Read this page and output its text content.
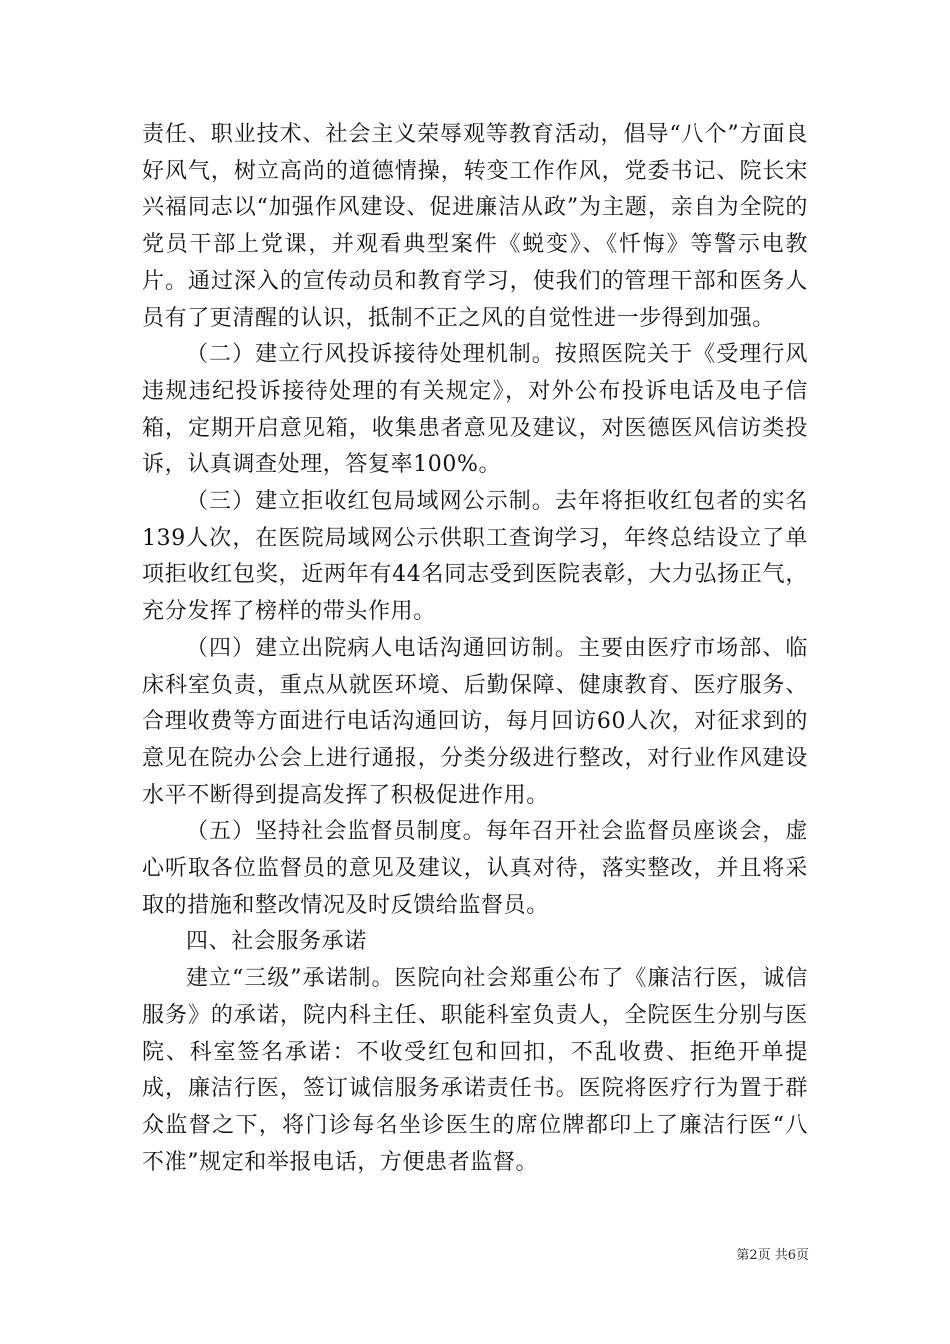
责任、职业技术、社会主义荣辱观等教育活动，倡导“八个”方面良好风气，树立高尚的道德情操，转变工作作风，党委书记、院长宋兴福同志以“加强作风建设、促进廉洁从政”为主题，亲自为全院的党员干部上党课，并观看典型案件《蜕变》、《忏悔》等警示电教片。通过深入的宣传动员和教育学习，使我们的管理干部和医务人员有了更清醒的认识，抵制不正之风的自觉性进一步得到加强。

（二）建立行风投诉接待处理机制。按照医院关于《受理行风违规违纪投诉接待处理的有关规定》，对外公布投诉电话及电子信箱，定期开启意见箱，收集患者意见及建议，对医德医风信访类投诉，认真调查处理，答复率100%。

（三）建立拒收红包局域网公示制。去年将拒收红包者的实名139人次，在医院局域网公示供职工查询学习，年终总结设立了单项拒收红包奖，近两年有44名同志受到医院表彰，大力弘扬正气，充分发挥了榜样的带头作用。

（四）建立出院病人电话沟通回访制。主要由医疗市场部、临床科室负责，重点从就医环境、后勤保障、健康教育、医疗服务、合理收费等方面进行电话沟通回访，每月回访60人次，对征求到的意见在院办公会上进行通报，分类分级进行整改，对行业作风建设水平不断得到提高发挥了积极促进作用。

（五）坚持社会监督员制度。每年召开社会监督员座谈会，虚心听取各位监督员的意见及建议，认真对待，落实整改，并且将采取的措施和整改情况及时反馈给监督员。

四、社会服务承诺

建立“三级”承诺制。医院向社会郑重公布了《廉洁行医，诚信服务》的承诺，院内科主任、职能科室负责人，全院医生分别与医院、科室签名承诺：不收受红包和回扣，不乱收费、拒绝开单提成，廉洁行医，签订诚信服务承诺责任书。医院将医疗行为置于群众监督之下，将门诊每名坐诊医生的席位牌都印上了廉洁行医“八不准”规定和举报电话，方便患者监督。

第2页 共6页
